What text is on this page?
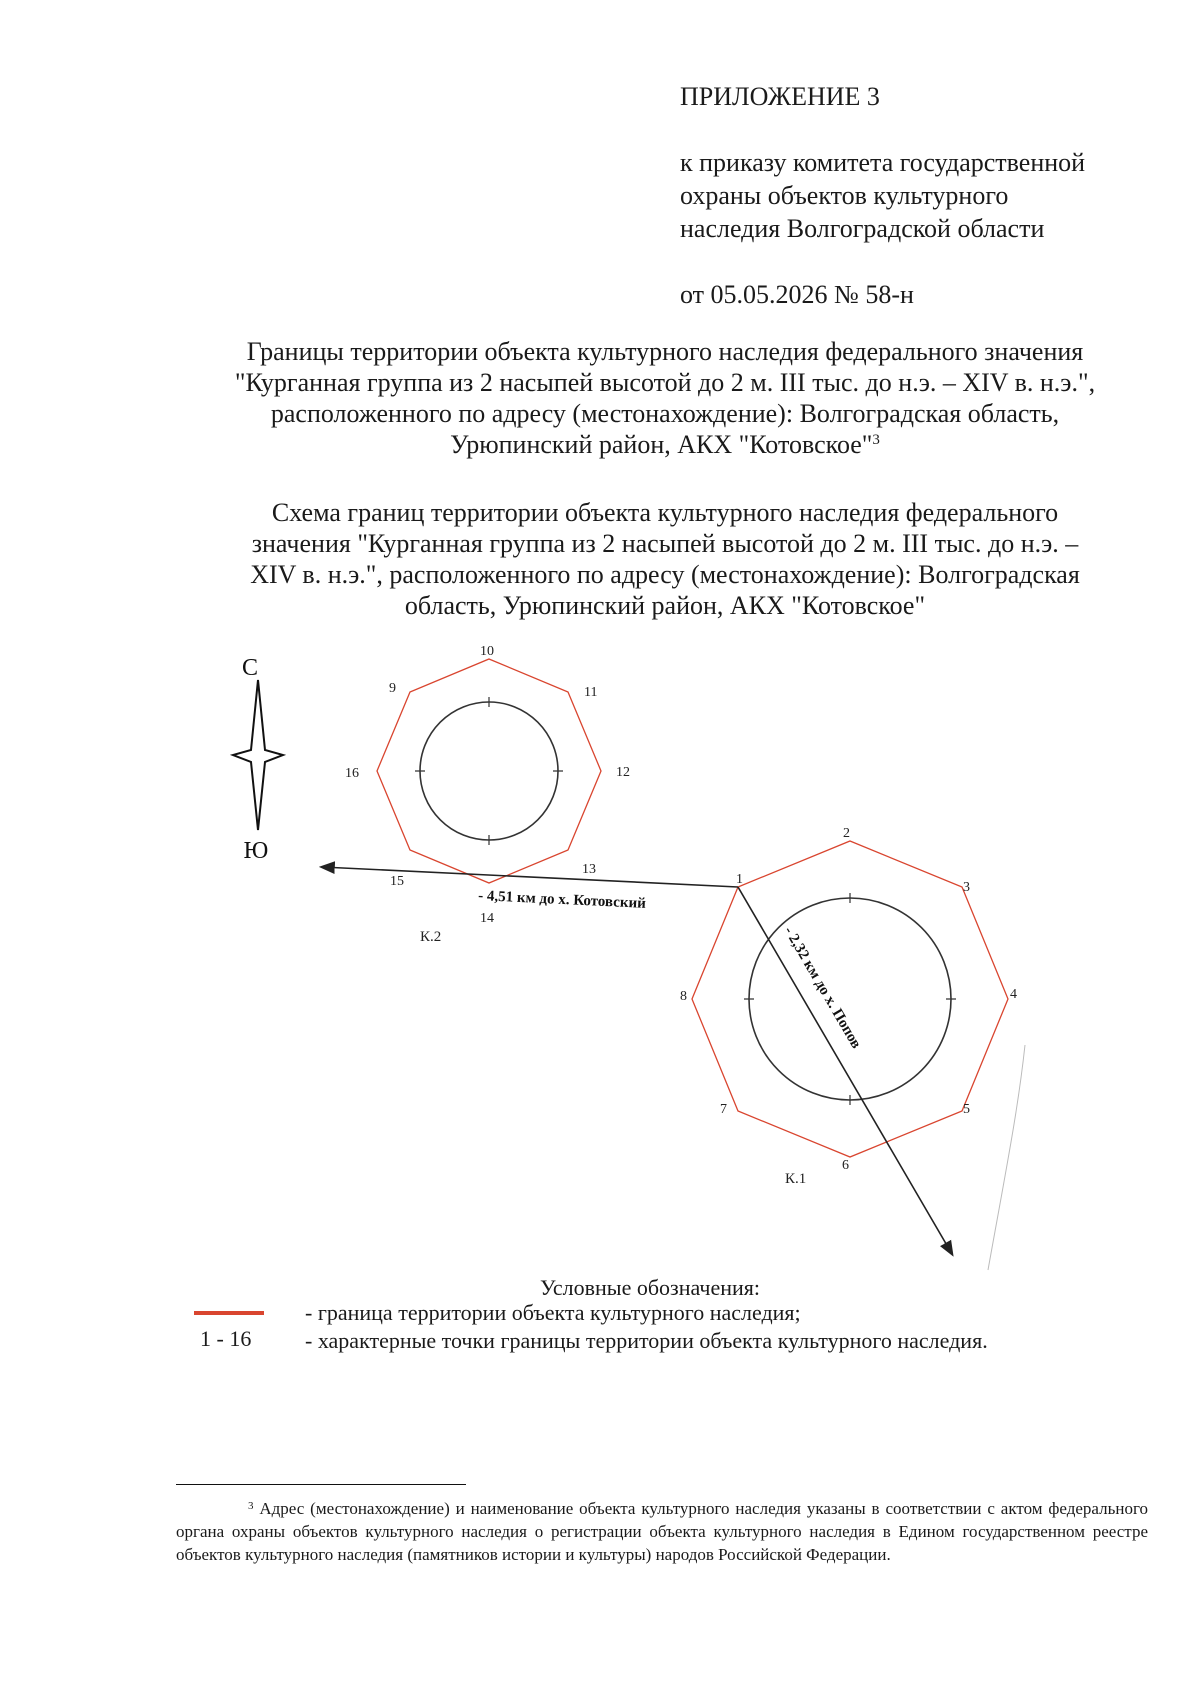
ПРИЛОЖЕНИЕ 3
к приказу комитета государственной
охраны объектов культурного
наследия Волгоградской области
от 05.05.2026 № 58-н
Границы территории объекта культурного наследия федерального значения
"Курганная группа из 2 насыпей высотой до 2 м. III тыс. до н.э. – XIV в. н.э.",
расположенного по адресу (местонахождение): Волгоградская область,
Урюпинский район, АКХ "Котовское"$^3$
Схема границ территории объекта культурного наследия федерального
значения "Курганная группа из 2 насыпей высотой до 2 м. III тыс. до н.э. –
XIV в. н.э.", расположенного по адресу (местонахождение): Волгоградская
область, Урюпинский район, АКХ "Котовское"
С
Ю
К.2
К.1
- 4,51 км до х. Котовский
- 2,32 км до х. Попов
1
2
3
4
5
6
7
8
9
10
11
12
13
14
15
16
Условные обозначения:
1 - 16
- граница территории объекта культурного наследия;
- характерные точки границы территории объекта культурного наследия.
$^3$ Адрес (местонахождение) и наименование объекта культурного наследия указаны в соответствии с актом федерального органа охраны объектов культурного наследия о регистрации объекта культурного наследия в Едином государственном реестре объектов культурного наследия (памятников истории и культуры) народов Российской Федерации.
